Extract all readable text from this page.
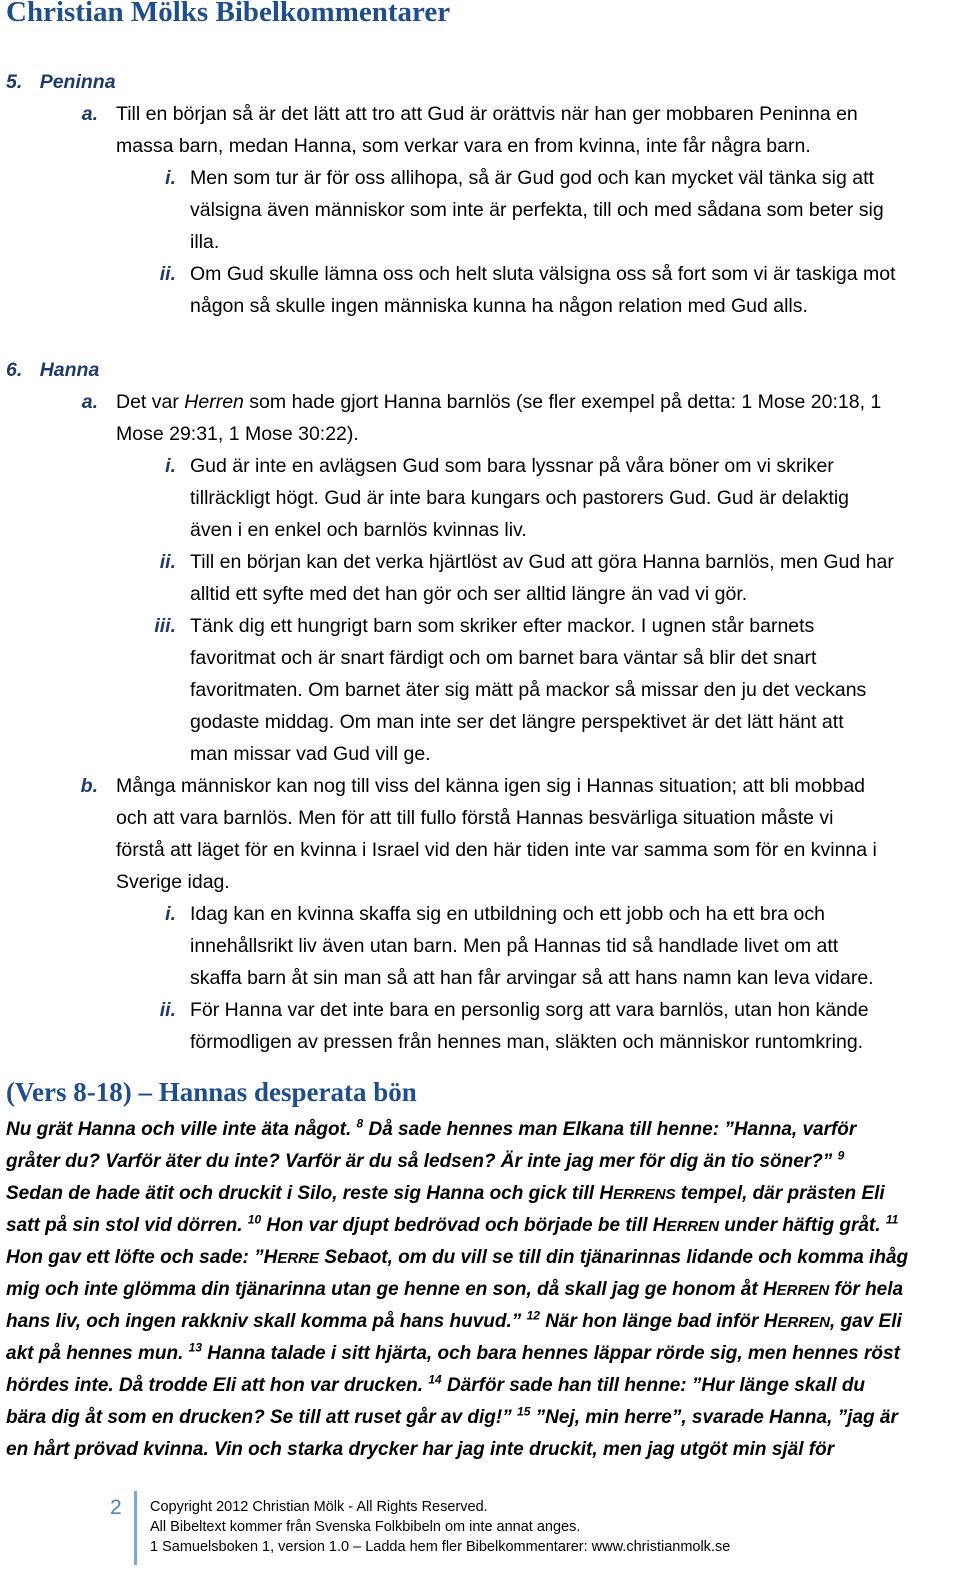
Christian Mölks Bibelkommentarer
5. Peninna
a. Till en början så är det lätt att tro att Gud är orättvis när han ger mobbaren Peninna en
massa barn, medan Hanna, som verkar vara en from kvinna, inte får några barn.
i. Men som tur är för oss allihopa, så är Gud god och kan mycket väl tänka sig att
välsigna även människor som inte är perfekta, till och med sådana som beter sig
illa.
ii. Om Gud skulle lämna oss och helt sluta välsigna oss så fort som vi är taskiga mot
någon så skulle ingen människa kunna ha någon relation med Gud alls.
6. Hanna
a. Det var Herren som hade gjort Hanna barnlös (se fler exempel på detta: 1 Mose 20:18, 1
Mose 29:31, 1 Mose 30:22).
i. Gud är inte en avlägsen Gud som bara lyssnar på våra böner om vi skriker
tillräckligt högt. Gud är inte bara kungars och pastorers Gud. Gud är delaktig
även i en enkel och barnlös kvinnas liv.
ii. Till en början kan det verka hjärtlöst av Gud att göra Hanna barnlös, men Gud har
alltid ett syfte med det han gör och ser alltid längre än vad vi gör.
iii. Tänk dig ett hungrigt barn som skriker efter mackor. I ugnen står barnets
favoritmat och är snart färdigt och om barnet bara väntar så blir det snart
favoritmaten. Om barnet äter sig mätt på mackor så missar den ju det veckans
godaste middag. Om man inte ser det längre perspektivet är det lätt hänt att
man missar vad Gud vill ge.
b. Många människor kan nog till viss del känna igen sig i Hannas situation; att bli mobbad
och att vara barnlös. Men för att till fullo förstå Hannas besvärliga situation måste vi
förstå att läget för en kvinna i Israel vid den här tiden inte var samma som för en kvinna i
Sverige idag.
i. Idag kan en kvinna skaffa sig en utbildning och ett jobb och ha ett bra och
innehållsrikt liv även utan barn. Men på Hannas tid så handlade livet om att
skaffa barn åt sin man så att han får arvingar så att hans namn kan leva vidare.
ii. För Hanna var det inte bara en personlig sorg att vara barnlös, utan hon kände
förmodligen av pressen från hennes man, släkten och människor runtomkring.
(Vers 8-18) – Hannas desperata bön
Nu grät Hanna och ville inte äta något. $^8$ Då sade hennes man Elkana till henne: ”Hanna, varför
gråter du? Varför äter du inte? Varför är du så ledsen? Är inte jag mer för dig än tio söner?” $^9$
Sedan de hade ätit och druckit i Silo, reste sig Hanna och gick till HERRENS tempel, där prästen Eli
satt på sin stol vid dörren. $^{10}$ Hon var djupt bedrövad och började be till HERREN under häftig gråt. $^{11}$
Hon gav ett löfte och sade: ”HERRE Sebaot, om du vill se till din tjänarinnas lidande och komma ihåg
mig och inte glömma din tjänarinna utan ge henne en son, då skall jag ge honom åt HERREN för hela
hans liv, och ingen rakkniv skall komma på hans huvud.” $^{12}$ När hon länge bad inför HERREN, gav Eli
akt på hennes mun. $^{13}$ Hanna talade i sitt hjärta, och bara hennes läppar rörde sig, men hennes röst
hördes inte. Då trodde Eli att hon var drucken. $^{14}$ Därför sade han till henne: ”Hur länge skall du
bära dig åt som en drucken? Se till att ruset går av dig!” $^{15}$ ”Nej, min herre”, svarade Hanna, ”jag är
en hårt prövad kvinna. Vin och starka drycker har jag inte druckit, men jag utgöt min själ för
2 Copyright 2012 Christian Mölk - All Rights Reserved.
All Bibeltext kommer från Svenska Folkbibeln om inte annat anges.
1 Samuelsboken 1, version 1.0 – Ladda hem fler Bibelkommentarer: www.christianmolk.se
